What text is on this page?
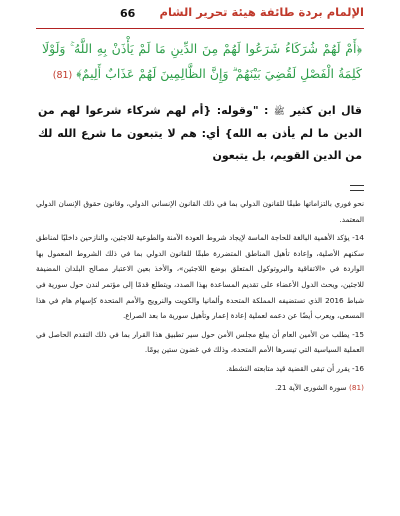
66 الإلمام بردة طائفة هيئة تحرير الشام
﴿أَمْ لَهُمْ شُرَكَاءُ شَرَعُوا لَهُمْ مِنَ الدِّينِ مَا لَمْ يَأْذَنْ بِهِ اللَّهُ ۚ وَلَوْلَا كَلِمَةُ الْفَصْلِ لَقُضِيَ بَيْنَهُمْ ۗ وَإِنَّ الظَّالِمِينَ لَهُمْ عَذَابٌ أَلِيمٌ﴾ (81)
قال ابن كثير ﷺ : "وقوله: {أم لهم شركاء شرعوا لهم من الدين ما لم يأذن به الله} أي: هم لا يتبعون ما شرع الله لك من الدين القويم، بل يتبعون

نحو فوري بالتزاماتها طبقًا للقانون الدولي بما في ذلك القانون الإنساني الدولي، وقانون حقوق الإنسان الدولي المعتمد.

14- يؤكد الأهمية البالغة للحاجة الماسة لإيجاد شروط العودة الآمنة والطوعية للاجئين، والنازحين داخليًا لمناطق سكنهم الأصلية، وإعادة تأهيل المناطق المتضررة طبقًا للقانون الدولي بما في ذلك الشروط المعمول بها الواردة في «الاتفاقية والبروتوكول المتعلق بوضع اللاجئين»، والأخذ بعين الاعتبار مصالح البلدان المضيفة للاجئين، ويحث الدول الأعضاء على تقديم المساعدة بهذا الصدد، ويتطلع قدمًا إلى مؤتمر لندن حول سورية في شباط 2016 الذي تستضيفه المملكة المتحدة وألمانيا والكويت والنرويج والأمم المتحدة كإسهام هام في هذا المسعى، ويعرب أيضًا عن دعمه لعملية إعادة إعمار وتأهيل سورية ما بعد الصراع.

15- يطلب من الأمين العام أن يبلغ مجلس الأمن حول سير تطبيق هذا القرار بما في ذلك التقدم الحاصل في العملية السياسية التي تيسرها الأمم المتحدة، وذلك في غضون ستين يومًا.

16- يقرر أن تبقى القضية قيد متابعته النشطة.

(81) سورة الشورى الآية 21.
